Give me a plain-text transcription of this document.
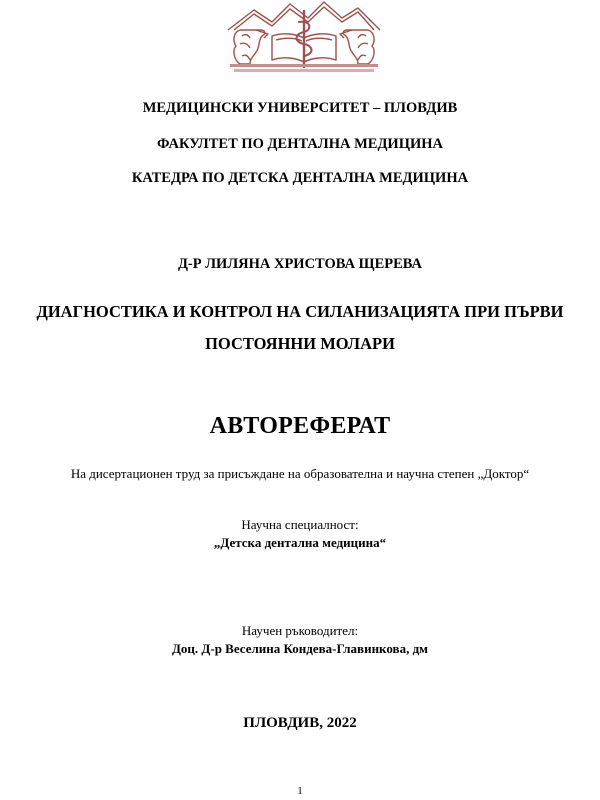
МЕДИЦИНСКИ УНИВЕРСИТЕТ – ПЛОВДИВ
ФАКУЛТЕТ ПО ДЕНТАЛНА МЕДИЦИНА
КАТЕДРА ПО ДЕТСКА ДЕНТАЛНА МЕДИЦИНА
Д-Р ЛИЛЯНА ХРИСТОВА ЩЕРЕВА
ДИАГНОСТИКА И КОНТРОЛ НА СИЛАНИЗАЦИЯТА ПРИ ПЪРВИ
ПОСТОЯННИ МОЛАРИ
АВТОРЕФЕРАТ
На дисертационен труд за присъждане на образователна и научна степен „Доктор“
Научна специалност:
„Детска дентална медицина“
Научен ръководител:
Доц. Д-р Веселина Кондева-Главинкова, дм
ПЛОВДИВ, 2022
1
